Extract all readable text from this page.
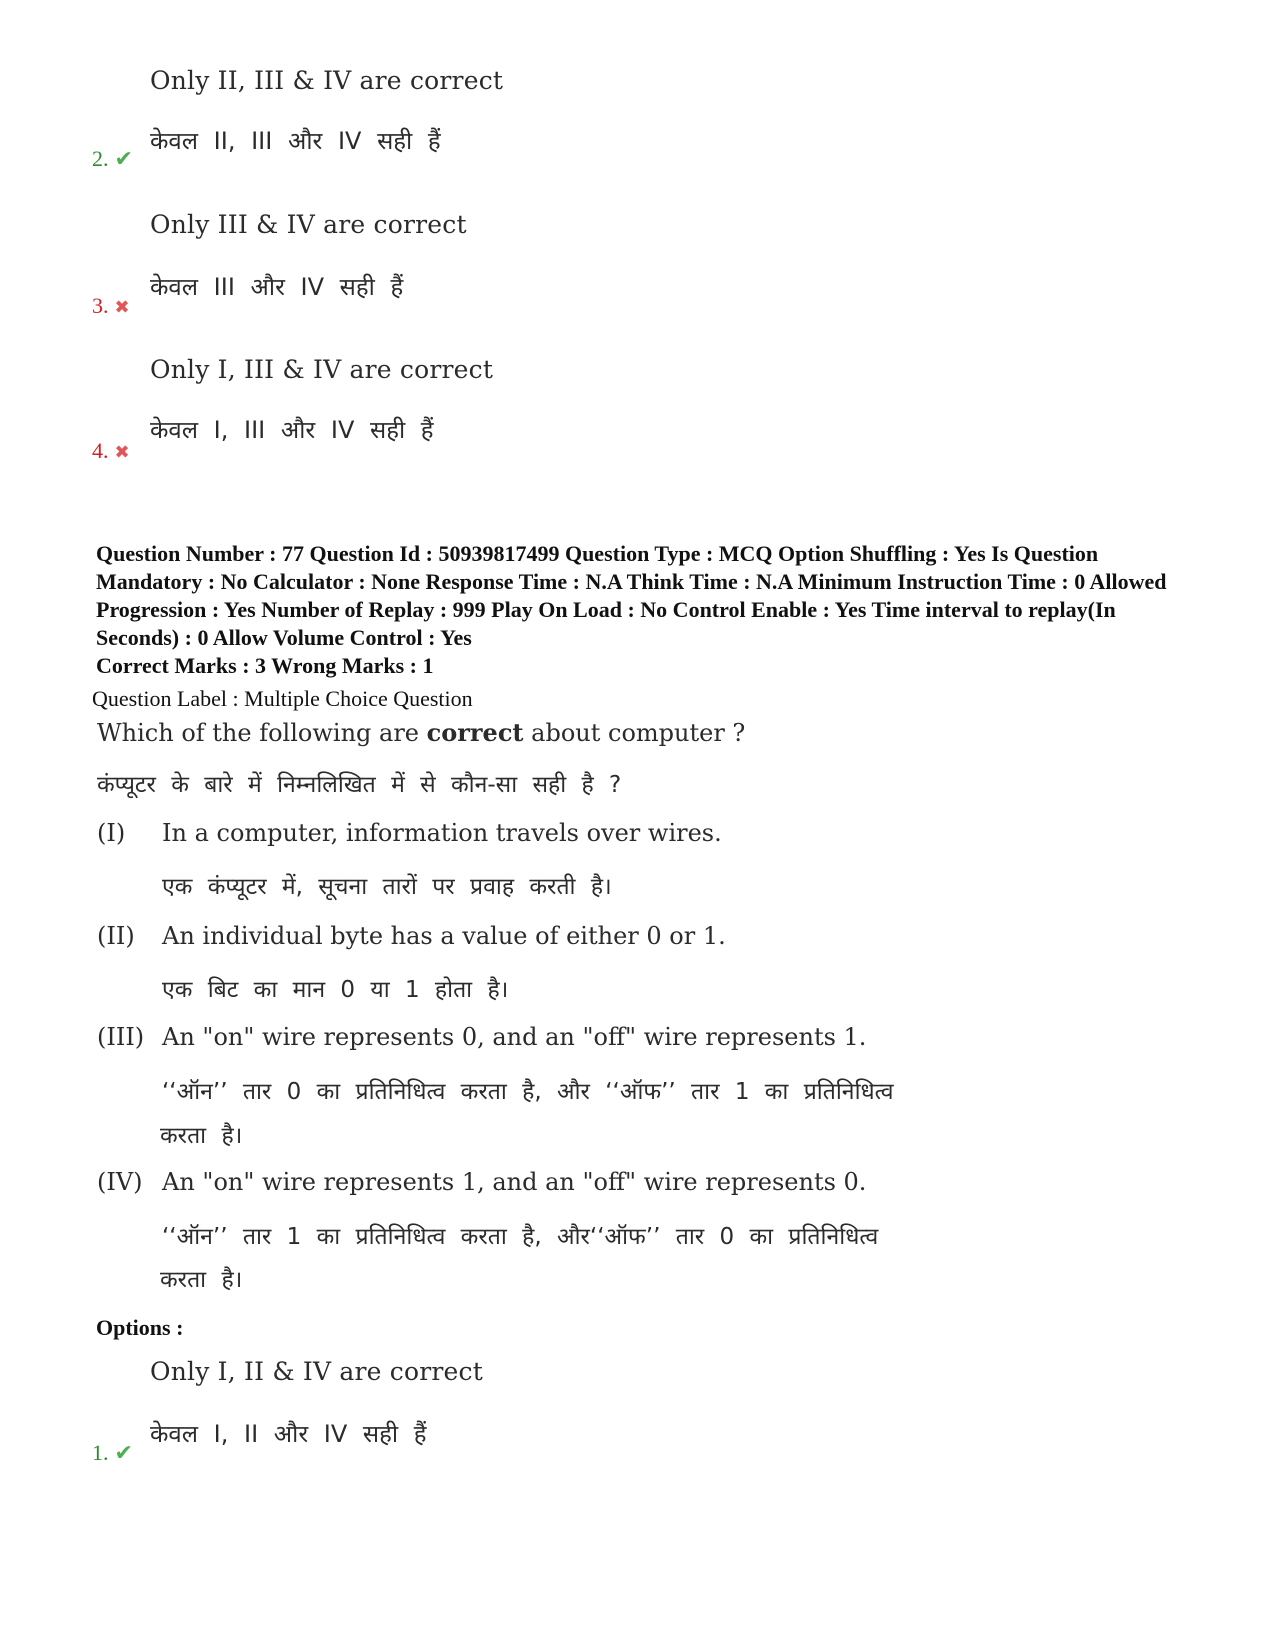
Only II, III & IV are correct
केवल II, III और IV सही हैं
2. ✔
Only III & IV are correct
केवल III और IV सही हैं
3. ✖
Only I, III & IV are correct
केवल I, III और IV सही हैं
4. ✖
Question Number : 77 Question Id : 50939817499 Question Type : MCQ Option Shuffling : Yes Is Question Mandatory : No Calculator : None Response Time : N.A Think Time : N.A Minimum Instruction Time : 0 Allowed Progression : Yes Number of Replay : 999 Play On Load : No Control Enable : Yes Time interval to replay(In Seconds) : 0 Allow Volume Control : Yes
Correct Marks : 3 Wrong Marks : 1
Question Label : Multiple Choice Question
Which of the following are correct about computer ?
कंप्यूटर के बारे में निम्नलिखित में से कौन-सा सही है ?
(I) In a computer, information travels over wires.
एक कंप्यूटर में, सूचना तारों पर प्रवाह करती है।
(II) An individual byte has a value of either 0 or 1.
एक बिट का मान 0 या 1 होता है।
(III) An "on" wire represents 0, and an "off" wire represents 1.
‘‘ऑन’’ तार 0 का प्रतिनिधित्व करता है, और ‘‘ऑफ’’ तार 1 का प्रतिनिधित्व
करता है।
(IV) An "on" wire represents 1, and an "off" wire represents 0.
‘‘ऑन’’ तार 1 का प्रतिनिधित्व करता है, और‘‘ऑफ’’ तार 0 का प्रतिनिधित्व
करता है।
Options :
Only I, II & IV are correct
केवल I, II और IV सही हैं
1. ✔
